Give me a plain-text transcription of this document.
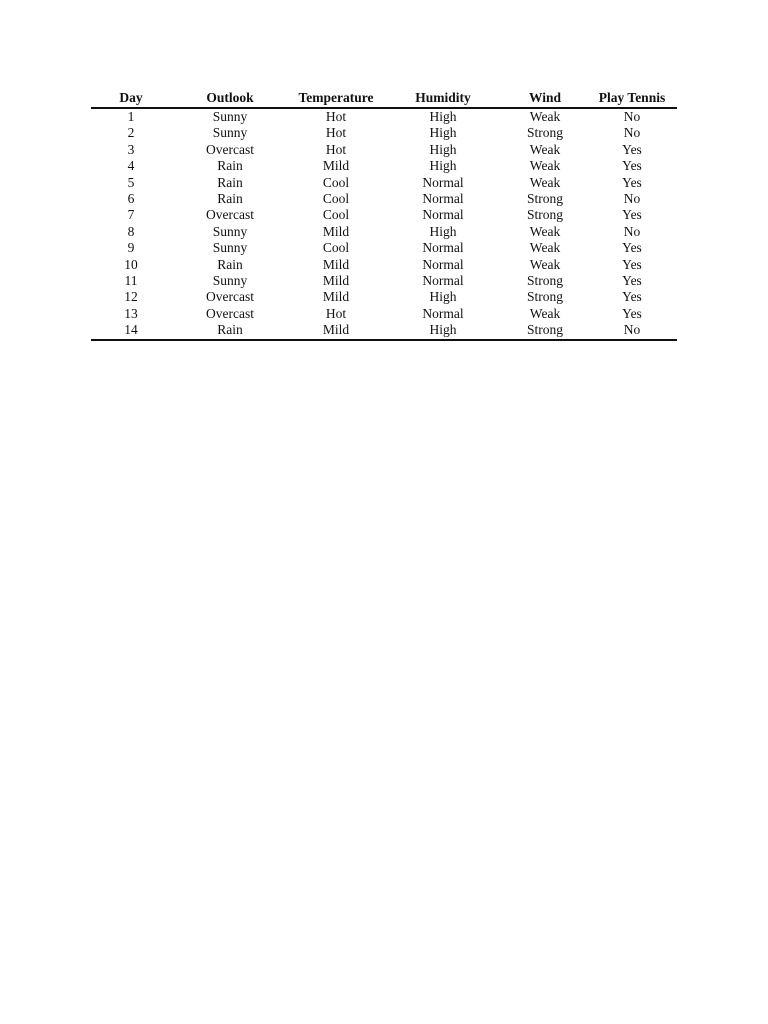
Day	Outlook	Temperature	Humidity	Wind	Play Tennis
1	Sunny	Hot	High	Weak	No
2	Sunny	Hot	High	Strong	No
3	Overcast	Hot	High	Weak	Yes
4	Rain	Mild	High	Weak	Yes
5	Rain	Cool	Normal	Weak	Yes
6	Rain	Cool	Normal	Strong	No
7	Overcast	Cool	Normal	Strong	Yes
8	Sunny	Mild	High	Weak	No
9	Sunny	Cool	Normal	Weak	Yes
10	Rain	Mild	Normal	Weak	Yes
11	Sunny	Mild	Normal	Strong	Yes
12	Overcast	Mild	High	Strong	Yes
13	Overcast	Hot	Normal	Weak	Yes
14	Rain	Mild	High	Strong	No
